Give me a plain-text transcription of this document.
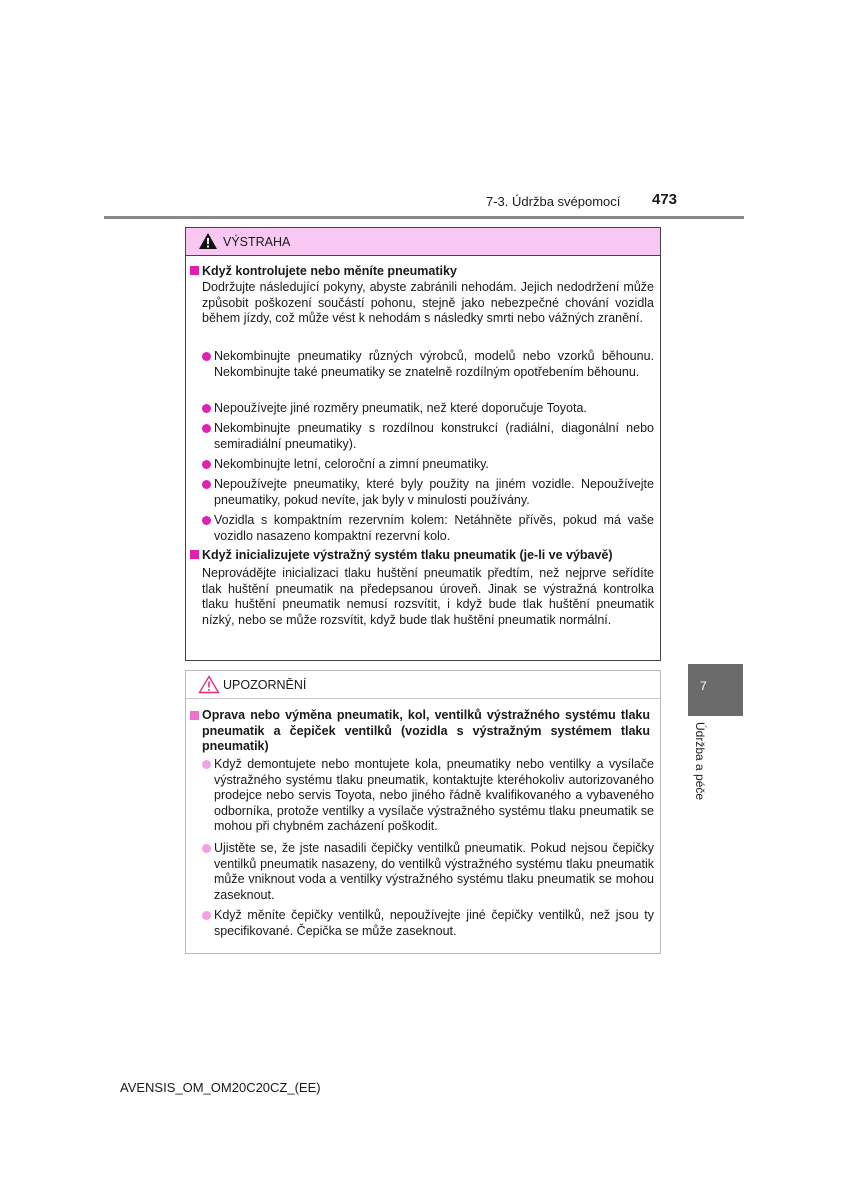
7-3. Údržba svépomocí 473
7
Údržba a péče
VÝSTRAHA
Když kontrolujete nebo měníte pneumatiky
Dodržujte následující pokyny, abyste zabránili nehodám. Jejich nedodržení může způsobit poškození součástí pohonu, stejně jako nebezpečné chování vozidla během jízdy, což může vést k nehodám s následky smrti nebo vážných zranění.
Nekombinujte pneumatiky různých výrobců, modelů nebo vzorků běhounu. Nekombinujte také pneumatiky se znatelně rozdílným opotřebením běhounu.
Nepoužívejte jiné rozměry pneumatik, než které doporučuje Toyota.
Nekombinujte pneumatiky s rozdílnou konstrukcí (radiální, diagonální nebo semiradiální pneumatiky).
Nekombinujte letní, celoroční a zimní pneumatiky.
Nepoužívejte pneumatiky, které byly použity na jiném vozidle. Nepoužívejte pneumatiky, pokud nevíte, jak byly v minulosti používány.
Vozidla s kompaktním rezervním kolem: Netáhněte přívěs, pokud má vaše vozidlo nasazeno kompaktní rezervní kolo.
Když inicializujete výstražný systém tlaku pneumatik (je-li ve výbavě)
Neprovádějte inicializaci tlaku huštění pneumatik předtím, než nejprve seřídíte tlak huštění pneumatik na předepsanou úroveň. Jinak se výstražná kontrolka tlaku huštění pneumatik nemusí rozsvítit, i když bude tlak huštění pneumatik nízký, nebo se může rozsvítit, když bude tlak huštění pneumatik normální.
UPOZORNĚNÍ
Oprava nebo výměna pneumatik, kol, ventilků výstražného systému tlaku pneumatik a čepiček ventilků (vozidla s výstražným systémem tlaku pneumatik)
Když demontujete nebo montujete kola, pneumatiky nebo ventilky a vysílače výstražného systému tlaku pneumatik, kontaktujte kteréhokoliv autorizovaného prodejce nebo servis Toyota, nebo jiného řádně kvalifikovaného a vybaveného odborníka, protože ventilky a vysílače výstražného systému tlaku pneumatik se mohou při chybném zacházení poškodit.
Ujistěte se, že jste nasadili čepičky ventilků pneumatik. Pokud nejsou čepičky ventilků pneumatik nasazeny, do ventilků výstražného systému tlaku pneumatik může vniknout voda a ventilky výstražného systému tlaku pneumatik se mohou zaseknout.
Když měníte čepičky ventilků, nepoužívejte jiné čepičky ventilků, než jsou ty specifikované. Čepička se může zaseknout.
AVENSIS_OM_OM20C20CZ_(EE)
